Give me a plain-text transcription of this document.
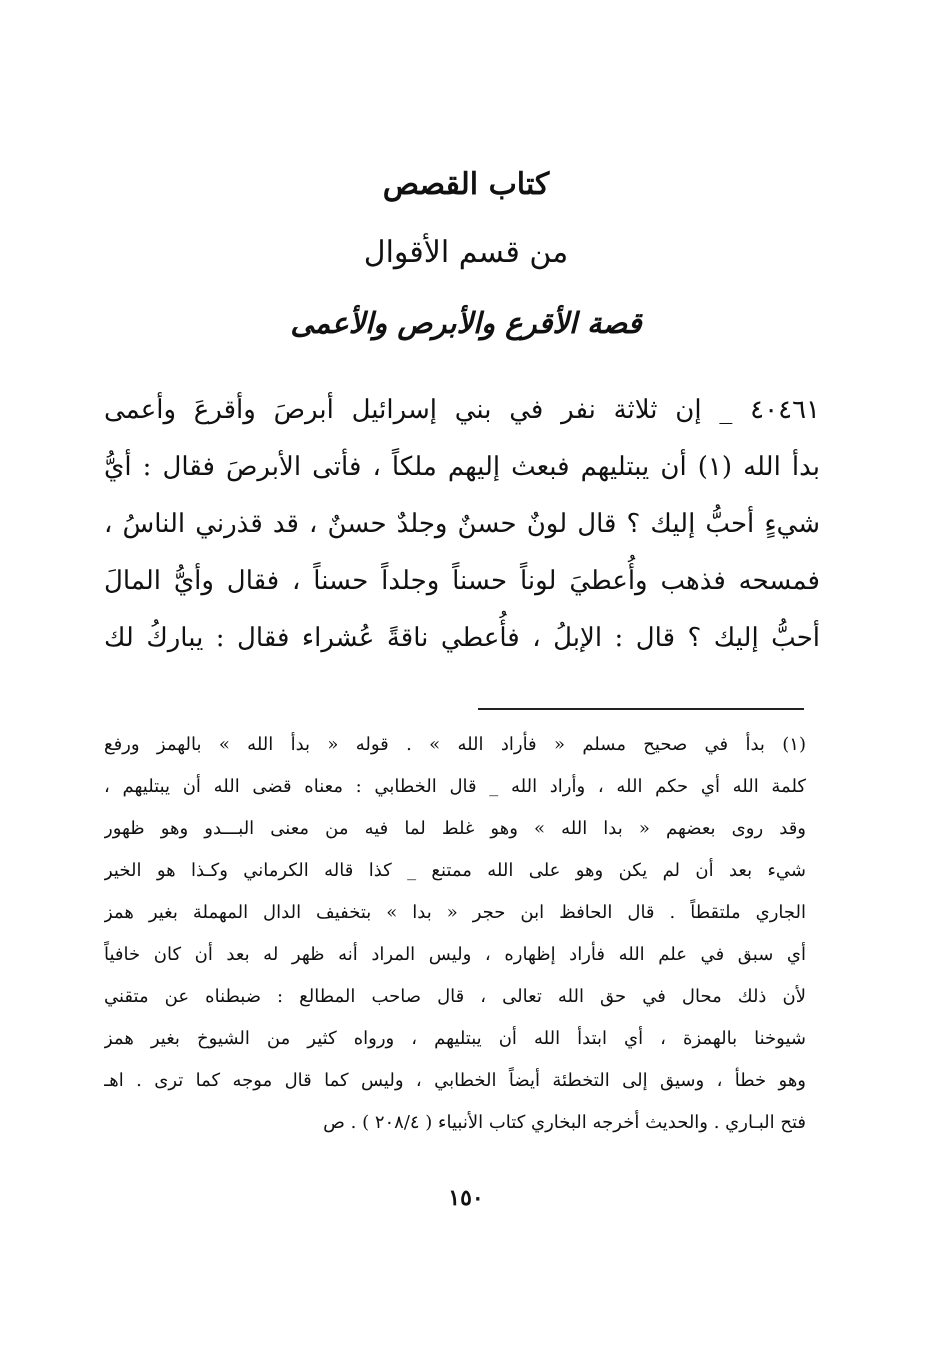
كتاب القصص
من قسم الأقوال
قصة الأقرع والأبرص والأعمى
٤٠٤٦١ _ إن ثلاثة نفر في بني إسرائيل أبرصَ وأقرعَ وأعمى
بدأ الله (١) أن يبتليهم فبعث إليهم ملكاً ، فأتى الأبرصَ فقال : أيُّ
شيءٍ أحبُّ إليك ؟ قال لونٌ حسنٌ وجلدٌ حسنٌ ، قد قذرني الناسُ ،
فمسحه فذهب وأُعطيَ لوناً حسناً وجلداً حسناً ، فقال وأيُّ المالَ
أحبُّ إليك ؟ قال : الإبلُ ، فأُعطي ناقةً عُشراء فقال : يباركُ لك
(١) بدأ في صحيح مسلم « فأراد الله » . قوله « بدأ الله » بالهمز ورفع
كلمة الله أي حكم الله ، وأراد الله _ قال الخطابي : معناه قضى الله أن يبتليهم ،
وقد روى بعضهم « بدا الله » وهو غلط لما فيه من معنى البـــدو وهو ظهور
شيء بعد أن لم يكن وهو على الله ممتنع _ كذا قاله الكرماني وكـذا هو الخير
الجاري ملتقطاً . قال الحافظ ابن حجر « بدا » بتخفيف الدال المهملة بغير همز
أي سبق في علم الله فأراد إظهاره ، وليس المراد أنه ظهر له بعد أن كان خافياً
لأن ذلك محال في حق الله تعالى ، قال صاحب المطالع : ضبطناه عن متقني
شيوخنا بالهمزة ، أي ابتدأ الله أن يبتليهم ، ورواه كثير من الشيوخ بغير همز
وهو خطأ ، وسيق إلى التخطئة أيضاً الخطابي ، وليس كما قال موجه كما ترى . اهـ
فتح البـاري . والحديث أخرجه البخاري كتاب الأنبياء ( ٢٠٨/٤ ) . ص
١٥٠
